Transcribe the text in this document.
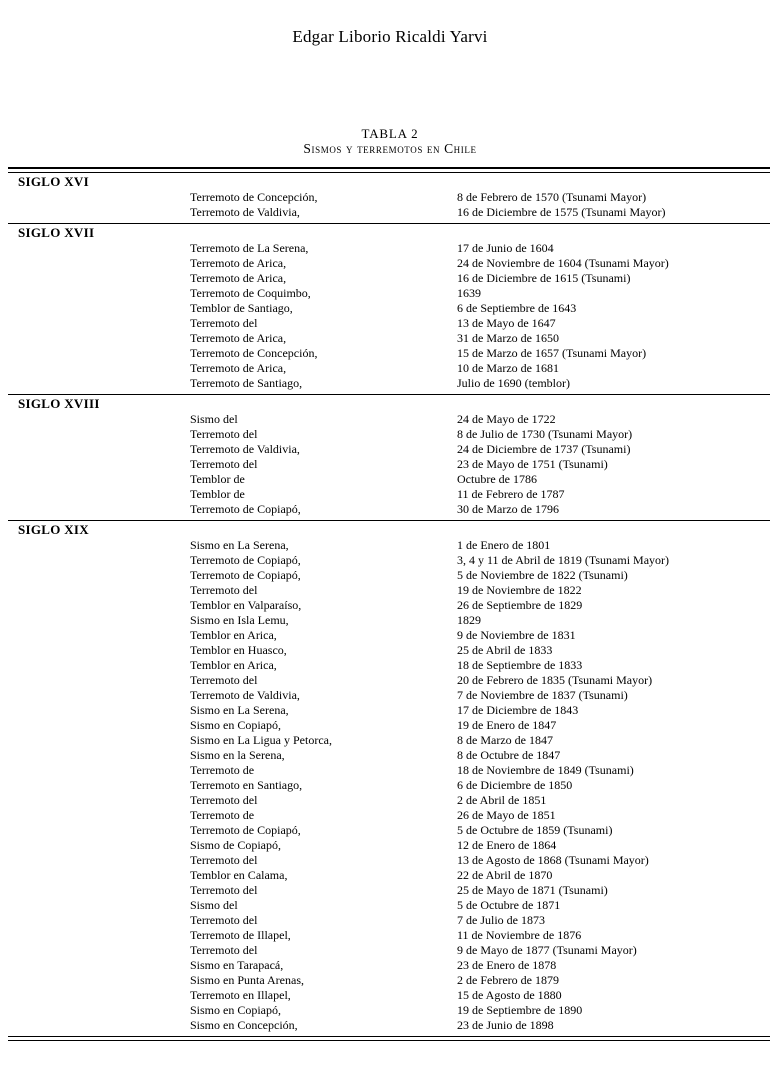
Edgar Liborio Ricaldi Yarvi
TABLA 2
Sismos y terremotos en Chile
SIGLO XVI
Terremoto de Concepción,	8 de Febrero de 1570 (Tsunami Mayor)
Terremoto de Valdivia,	16 de Diciembre de 1575 (Tsunami Mayor)
SIGLO XVII
Terremoto de La Serena,	17 de Junio de 1604
Terremoto de Arica,	24 de Noviembre de 1604 (Tsunami Mayor)
Terremoto de Arica,	16 de Diciembre de 1615 (Tsunami)
Terremoto de Coquimbo,	1639
Temblor de Santiago,	6 de Septiembre de 1643
Terremoto del	13 de Mayo de 1647
Terremoto de Arica,	31 de Marzo de 1650
Terremoto de Concepción,	15 de Marzo de 1657 (Tsunami Mayor)
Terremoto de Arica,	10 de Marzo de 1681
Terremoto de Santiago,	Julio de 1690 (temblor)
SIGLO XVIII
Sismo del	24 de Mayo de 1722
Terremoto del	8 de Julio de 1730 (Tsunami Mayor)
Terremoto de Valdivia,	24 de Diciembre de 1737 (Tsunami)
Terremoto del	23 de Mayo de 1751 (Tsunami)
Temblor de	Octubre de 1786
Temblor de	11 de Febrero de 1787
Terremoto de Copiapó,	30 de Marzo de 1796
SIGLO XIX
Sismo en La Serena,	1 de Enero de 1801
Terremoto de Copiapó,	3, 4 y 11 de Abril de 1819 (Tsunami Mayor)
Terremoto de Copiapó,	5 de Noviembre de 1822 (Tsunami)
Terremoto del	19 de Noviembre de 1822
Temblor en Valparaíso,	26 de Septiembre de 1829
Sismo en Isla Lemu,	1829
Temblor en Arica,	9 de Noviembre de 1831
Temblor en Huasco,	25 de Abril de 1833
Temblor en Arica,	18 de Septiembre de 1833
Terremoto del	20 de Febrero de 1835 (Tsunami Mayor)
Terremoto de Valdivia,	7 de Noviembre de 1837 (Tsunami)
Sismo en La Serena,	17 de Diciembre de 1843
Sismo en Copiapó,	19 de Enero de 1847
Sismo en La Ligua y Petorca,	8 de Marzo de 1847
Sismo en la Serena,	8 de Octubre de 1847
Terremoto de	18 de Noviembre de 1849 (Tsunami)
Terremoto en Santiago,	6 de Diciembre de 1850
Terremoto del	2 de Abril de 1851
Terremoto de	26 de Mayo de 1851
Terremoto de Copiapó,	5 de Octubre de 1859 (Tsunami)
Sismo de Copiapó,	12 de Enero de 1864
Terremoto del	13 de Agosto de 1868 (Tsunami Mayor)
Temblor en Calama,	22 de Abril de 1870
Terremoto del	25 de Mayo de 1871 (Tsunami)
Sismo del	5 de Octubre de 1871
Terremoto del	7 de Julio de 1873
Terremoto de Illapel,	11 de Noviembre de 1876
Terremoto del	9 de Mayo de 1877 (Tsunami Mayor)
Sismo en Tarapacá,	23 de Enero de 1878
Sismo en Punta Arenas,	2 de Febrero de 1879
Terremoto en Illapel,	15 de Agosto de 1880
Sismo en Copiapó,	19 de Septiembre de 1890
Sismo en Concepción,	23 de Junio de 1898
